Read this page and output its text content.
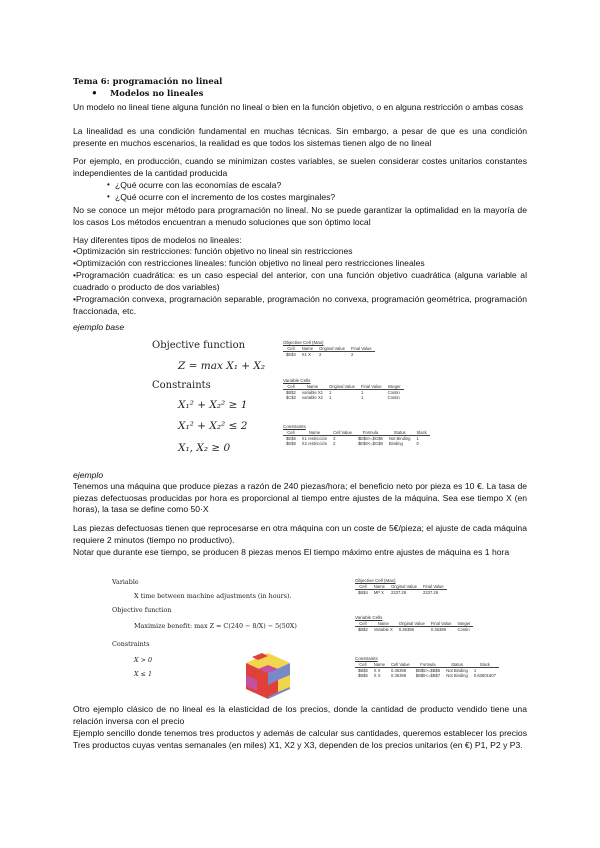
Tema 6: programación no lineal
● Modelos no lineales
Un modelo no lineal tiene alguna función no lineal o bien en la función objetivo, o en alguna restricción o ambas cosas
La linealidad es una condición fundamental en muchas técnicas. Sin embargo, a pesar de que es una condición presente en muchos escenarios, la realidad es que todos los sistemas tienen algo de no lineal
Por ejemplo, en producción, cuando se minimizan costes variables, se suelen considerar costes unitarios constantes independientes de la cantidad producida
• ¿Qué ocurre con las economías de escala?
• ¿Qué ocurre con el incremento de los costes marginales?
No se conoce un mejor método para programación no lineal. No se puede garantizar la optimalidad en la mayoría de los casos Los métodos encuentran a menudo soluciones que son óptimo local
Hay diferentes tipos de modelos no lineales:
•Optimización sin restricciones: función objetivo no lineal sin restricciones
•Optimización con restricciones lineales: función objetivo no lineal pero restricciones lineales
•Programación cuadrática: es un caso especial del anterior, con una función objetivo cuadrática (alguna variable al cuadrado o producto de dos variables)
•Programación convexa, programación separable, programación no convexa, programación geométrica, programación fraccionada, etc.
ejemplo base
Objective function
Z = max X₁ + X₂
Constraints
X₁² + X₂² ≥ 1
X₁² + X₂² ≤ 2
X₁, X₂ ≥ 0
Objective Cell (Max)
Cell	Name	Original Value	Final Value
$E$4	X1 X	2	2
Variable Cells
Cell	Name	Original Value	Final Value	Integer
$B$2	variable X1	1	1	Contin
$C$2	variable X2	1	1	Contin
Constraints
Cell	Name	Cell Value	Formula	Status	Slack
$E$6	X1 restricción	2	$E$6>=$G$6	Not Binding	1
$E$8	X2 restricción	2	$E$8<=$G$8	Binding	0
ejemplo
Tenemos una máquina que produce piezas a razón de 240 piezas/hora; el beneficio neto por pieza es 10 €. La tasa de piezas defectuosas producidas por hora es proporcional al tiempo entre ajustes de la máquina. Sea ese tiempo X (en horas), la tasa se define como 50·X
Las piezas defectuosas tienen que reprocesarse en otra máquina con un coste de 5€/pieza; el ajuste de cada máquina requiere 2 minutos (tiempo no productivo).
Notar que durante ese tiempo, se producen 8 piezas menos El tiempo máximo entre ajustes de máquina es 1 hora
Variable
X time between machine adjustments (in hours).
Objective function
Maximize benefit: max Z = C(240 − 8/X) − 5(50X)
Constraints
X > 0
X ≤ 1
Objective Cell (Max)
Cell	Name	Original Value	Final Value
$B$4	MP X	2337.28	2337.28
Variable Cells
Cell	Name	Original Value	Final Value	Integer
$B$2	Variable X	0.36398	0.36398	Contin
Constraints
Cell	Name	Cell Value	Formula	Status	Slack
$B$5	X X	0.36398	$B$5>=$B$6	Not Binding	1
$B$5	X X	0.36398	$B$5<=$B$7	Not Binding	0.63601607
Otro ejemplo clásico de no lineal es la elasticidad de los precios, donde la cantidad de producto vendido tiene una relación inversa con el precio
Ejemplo sencillo donde tenemos tres productos y además de calcular sus cantidades, queremos establecer los precios Tres productos cuyas ventas semanales (en miles) X1, X2 y X3, dependen de los precios unitarios (en €) P1, P2 y P3.
